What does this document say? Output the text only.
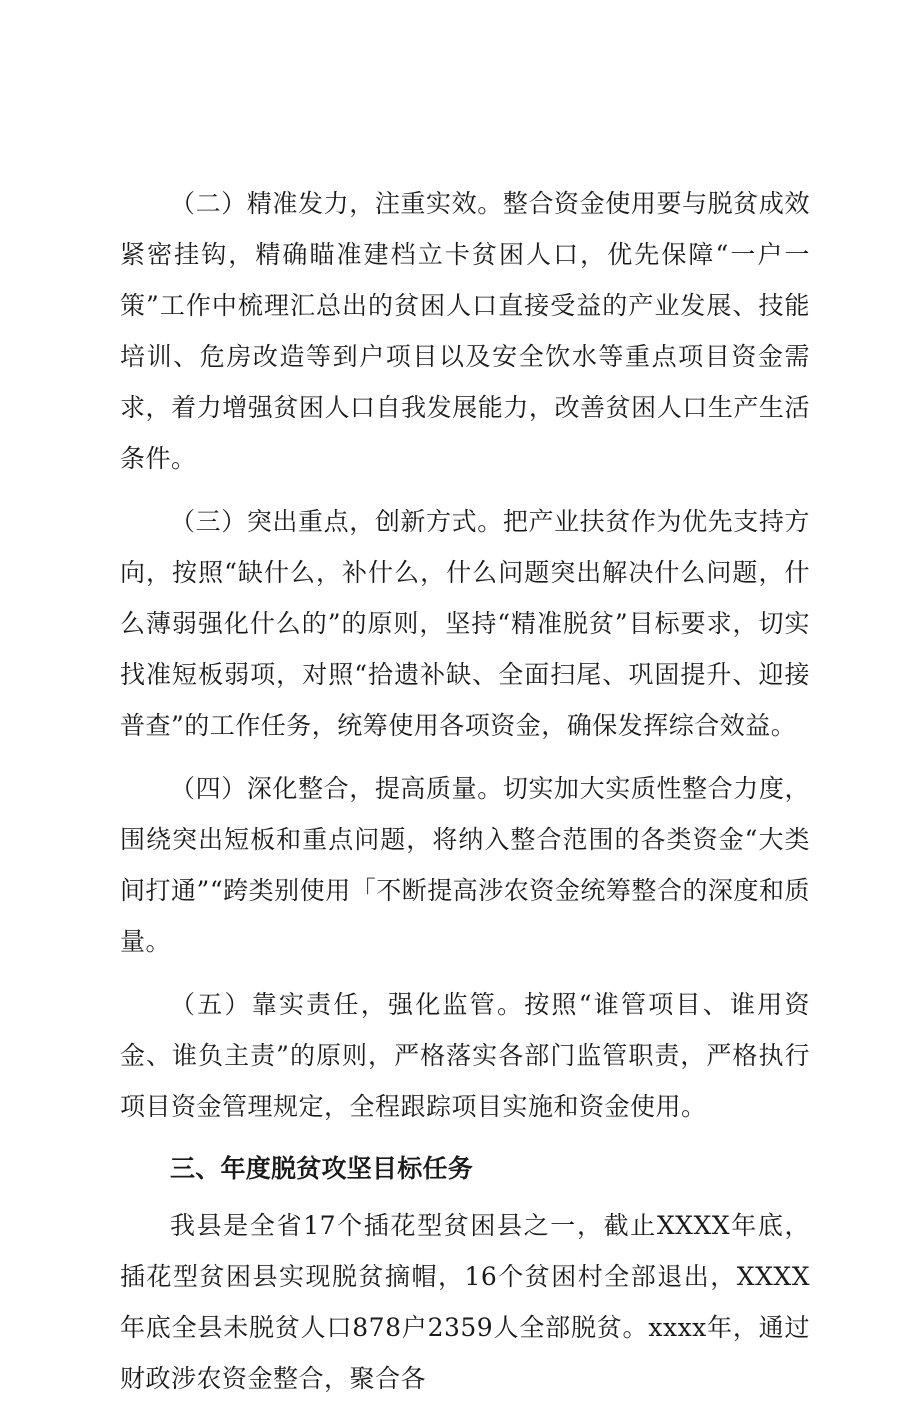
（二）精准发力，注重实效。整合资金使用要与脱贫成效紧密挂钩，精确瞄准建档立卡贫困人口，优先保障“一户一策”工作中梳理汇总出的贫困人口直接受益的产业发展、技能培训、危房改造等到户项目以及安全饮水等重点项目资金需求，着力增强贫困人口自我发展能力，改善贫困人口生产生活条件。

（三）突出重点，创新方式。把产业扶贫作为优先支持方向，按照“缺什么，补什么，什么问题突出解决什么问题，什么薄弱强化什么的”的原则，坚持“精准脱贫”目标要求，切实找准短板弱项，对照“拾遗补缺、全面扫尾、巩固提升、迎接普查”的工作任务，统筹使用各项资金，确保发挥综合效益。

（四）深化整合，提高质量。切实加大实质性整合力度，围绕突出短板和重点问题，将纳入整合范围的各类资金“大类间打通”“跨类别使用「不断提高涉农资金统筹整合的深度和质量。

（五）靠实责任，强化监管。按照“谁管项目、谁用资金、谁负主责”的原则，严格落实各部门监管职责，严格执行项目资金管理规定，全程跟踪项目实施和资金使用。

三、年度脱贫攻坚目标任务

我县是全省17个插花型贫困县之一，截止XXXX年底，插花型贫困县实现脱贫摘帽，16个贫困村全部退出，XXXX年底全县未脱贫人口878户2359人全部脱贫。xxxx年，通过财政涉农资金整合，聚合各
